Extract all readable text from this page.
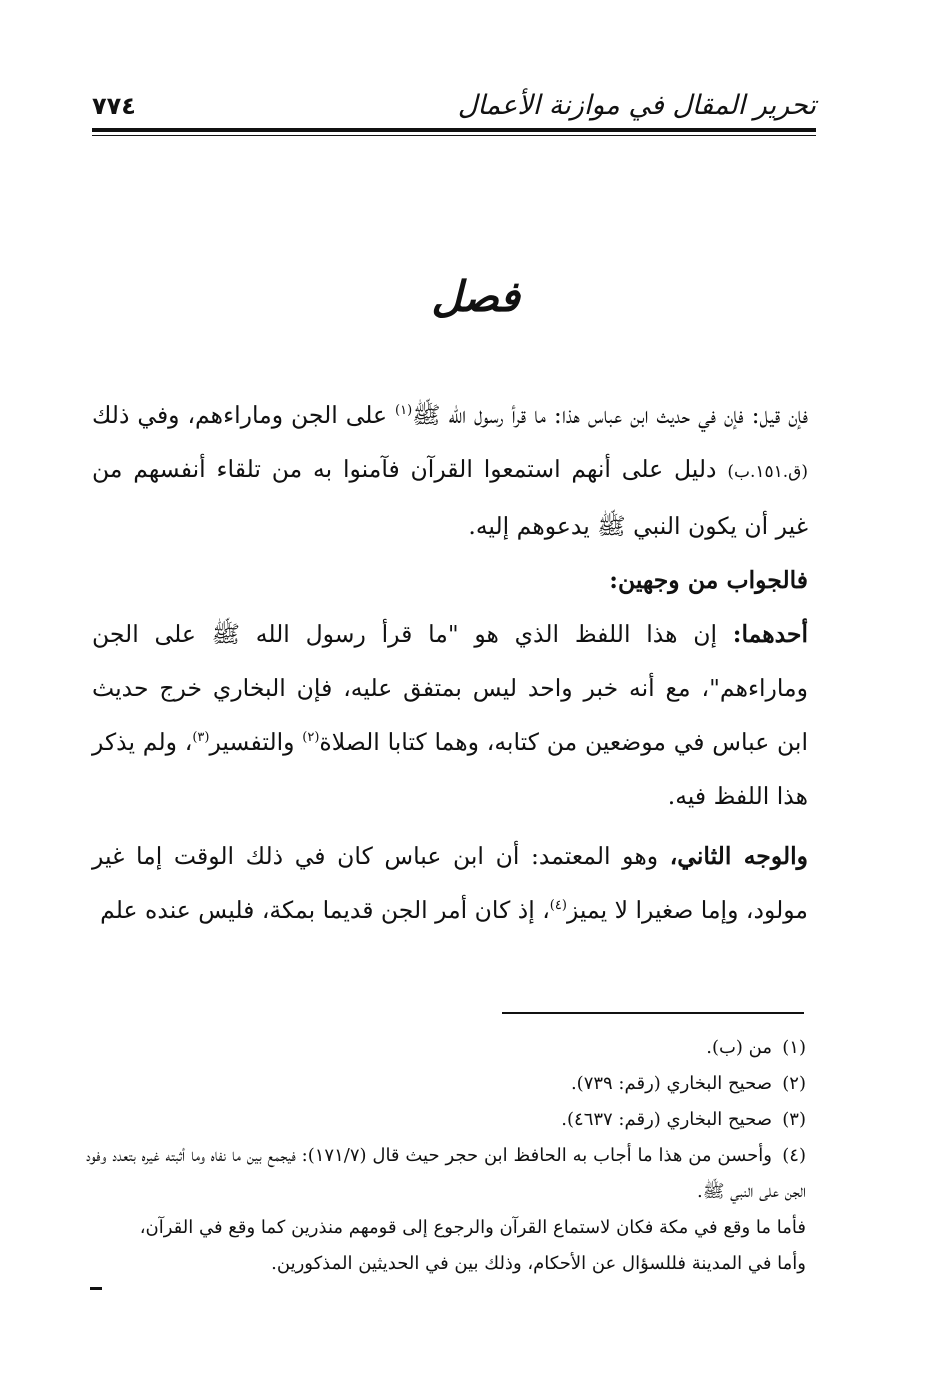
تحرير المقال في موازنة الأعمال
٧٧٤
فصل

فإن قيل: فإن في حديث ابن عباس هذا: ما قرأ رسول الله ﷺ$^{(١)}$ على الجن وماراءهم، وفي ذلك (ق.١٥١.ب) دليل على أنهم استمعوا القرآن فآمنوا به من تلقاء أنفسهم من غير أن يكون النبي ﷺ يدعوهم إليه.

فالجواب من وجهين:

أحدهما: إن هذا اللفظ الذي هو "ما قرأ رسول الله ﷺ على الجن وماراءهم"، مع أنه خبر واحد ليس بمتفق عليه، فإن البخاري خرج حديث ابن عباس في موضعين من كتابه، وهما كتابا الصلاة$^{(٢)}$ والتفسير$^{(٣)}$، ولم يذكر هذا اللفظ فيه.

والوجه الثاني، وهو المعتمد: أن ابن عباس كان في ذلك الوقت إما غير مولود، وإما صغيرا لا يميز$^{(٤)}$، إذ كان أمر الجن قديما بمكة، فليس عنده علم

(١)من (ب).

(٢)صحيح البخاري (رقم: ٧٣٩).

(٣)صحيح البخاري (رقم: ٤٦٣٧).

(٤)وأحسن من هذا ما أجاب به الحافظ ابن حجر حيث قال (١٧١/٧): فيجمع بين ما نفاه وما أثبته غيره بتعدد وفود الجن على النبي ﷺ.

فأما ما وقع في مكة فكان لاستماع القرآن والرجوع إلى قومهم منذرين كما وقع في القرآن،

وأما في المدينة فللسؤال عن الأحكام، وذلك بين في الحديثين المذكورين.
